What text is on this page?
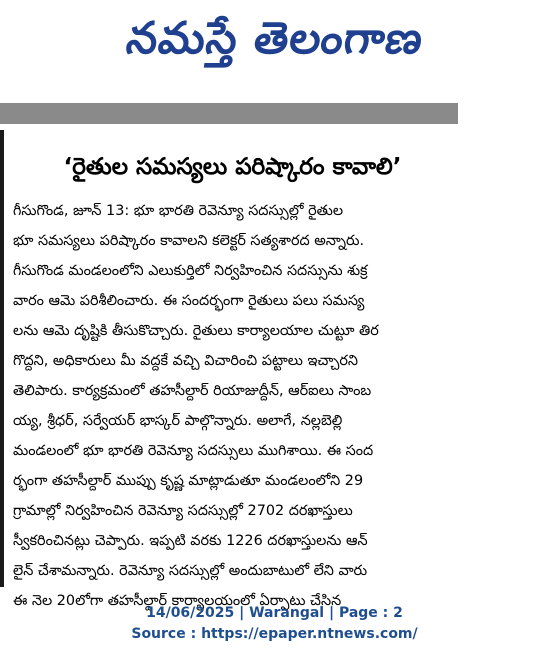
నమస్తే తెలంగాణ
‘రైతుల సమస్యలు పరిష్కారం కావాలి’
గీసుగొండ, జూన్ 13: భూ భారతి రెవెన్యూ సదస్సుల్లో రైతుల
భూ సమస్యలు పరిష్కారం కావాలని కలెక్టర్ సత్యశారద అన్నారు.
గీసుగొండ మండలంలోని ఎలుకుర్తిలో నిర్వహించిన సదస్సును శుక్ర
వారం ఆమె పరిశీలించారు. ఈ సందర్భంగా రైతులు పలు సమస్య
లను ఆమె దృష్టికి తీసుకొచ్చారు. రైతులు కార్యాలయాల చుట్టూ తిర
గొద్దని, అధికారులు మీ వద్దకే వచ్చి విచారించి పట్టాలు ఇచ్చారని
తెలిపారు. కార్యక్రమంలో తహసీల్దార్ రియాజుద్దీన్, ఆర్ఐలు సాంబ
య్య, శ్రీధర్, సర్వేయర్ భాస్కర్ పాల్గొన్నారు. అలాగే, నల్లబెల్లి
మండలంలో భూ భారతి రెవెన్యూ సదస్సులు ముగిశాయి. ఈ సంద
ర్భంగా తహసీల్దార్ ముప్పు కృష్ణ మాట్లాడుతూ మండలంలోని 29
గ్రామాల్లో నిర్వహించిన రెవెన్యూ సదస్సుల్లో 2702 దరఖాస్తులు
స్వీకరించినట్లు చెప్పారు. ఇప్పటి వరకు 1226 దరఖాస్తులను ఆన్
లైన్ చేశామన్నారు. రెవెన్యూ సదస్సుల్లో అందుబాటులో లేని వారు
ఈ నెల 20లోగా తహసీల్దార్ కార్యాలయంలో ఏర్పాటు చేసిన
14/06/2025 | Warangal | Page : 2
Source : https://epaper.ntnews.com/
